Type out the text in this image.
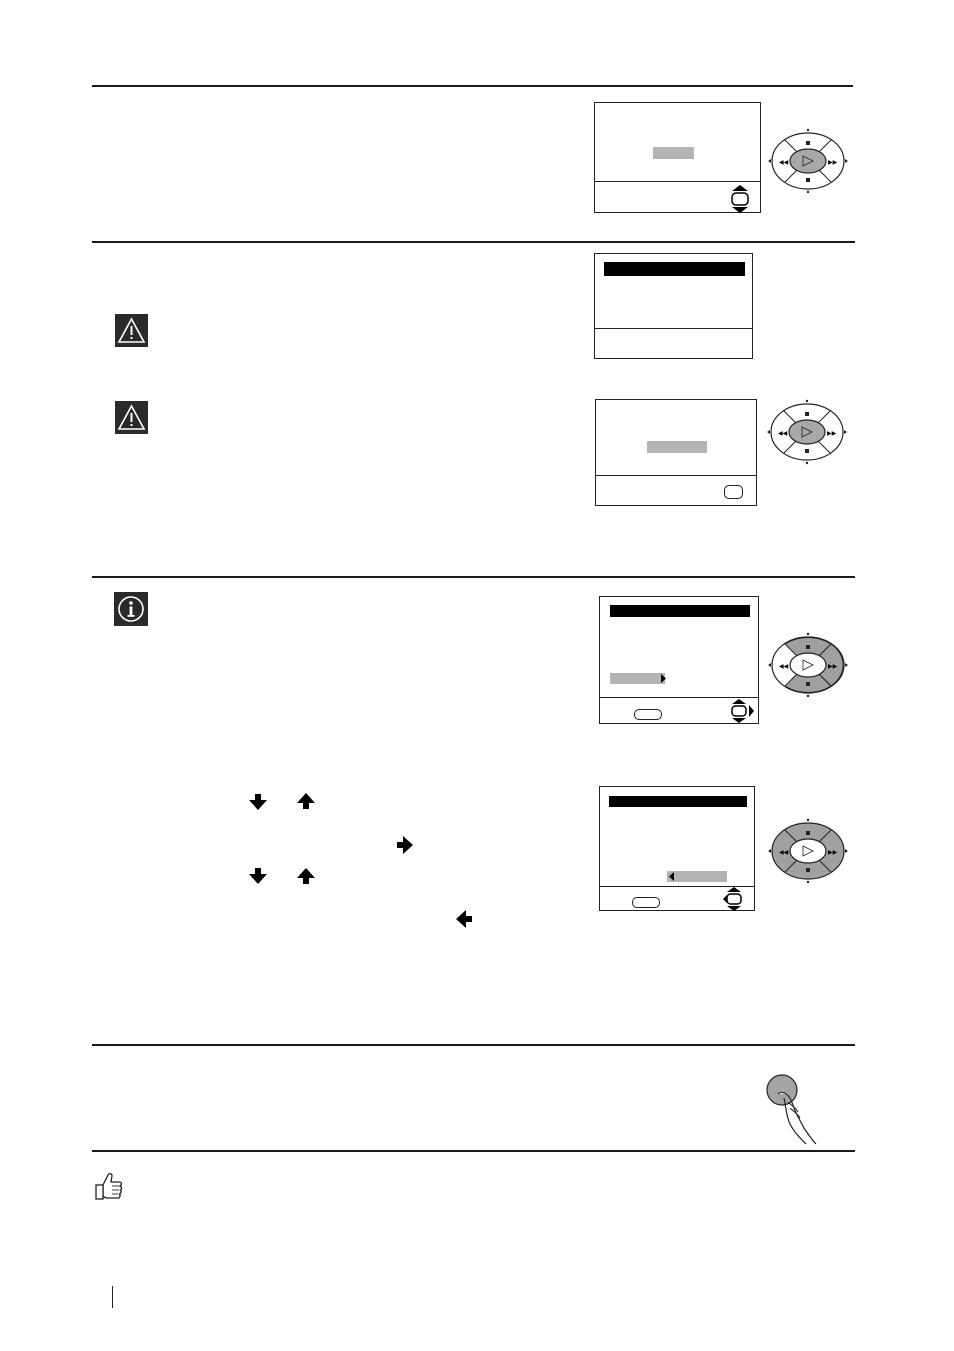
◀◀	▶▶
◀◀	▶▶
◀◀	▶▶
◀◀	▶▶
